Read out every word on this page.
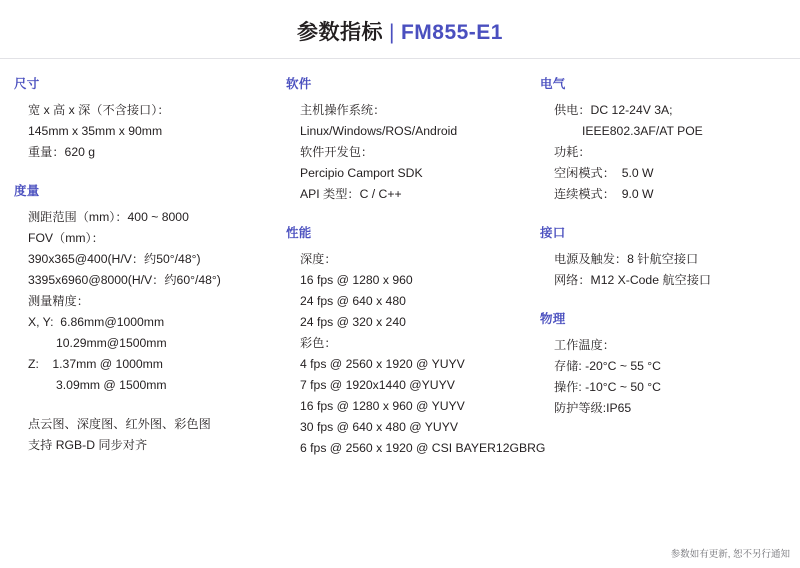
参数指标 | FM855-E1
尺寸
宽 x 高 x 深（不含接口）：
145mm x 35mm x 90mm
重量：620 g
度量
测距范围（mm）：400 ~ 8000
FOV（mm）：
390x365@400(H/V：约50°/48°)
3395x6960@8000(H/V：约60°/48°)
测量精度：
X, Y:  6.86mm@1000mm
10.29mm@1500mm
Z:    1.37mm @ 1000mm
3.09mm @ 1500mm
点云图、深度图、红外图、彩色图
支持 RGB-D 同步对齐
软件
主机操作系统：
Linux/Windows/ROS/Android
软件开发包：
Percipio Camport SDK
API 类型：C / C++
性能
深度：
16 fps @ 1280 x 960
24 fps @ 640 x 480
24 fps @ 320 x 240
彩色：
4 fps @ 2560 x 1920 @ YUYV
7 fps @ 1920x1440 @YUYV
16 fps @ 1280 x 960 @ YUYV
30 fps @ 640 x 480 @ YUYV
6 fps @ 2560 x 1920 @ CSI BAYER12GBRG
电气
供电：DC 12-24V 3A;
IEEE802.3AF/AT POE
功耗：
空闲模式：  5.0 W
连续模式：  9.0 W
接口
电源及触发：8 针航空接口
网络：M12 X-Code 航空接口
物理
工作温度：
存储: -20°C ~ 55 °C
操作: -10°C ~ 50 °C
防护等级:IP65
参数如有更新, 恕不另行通知
